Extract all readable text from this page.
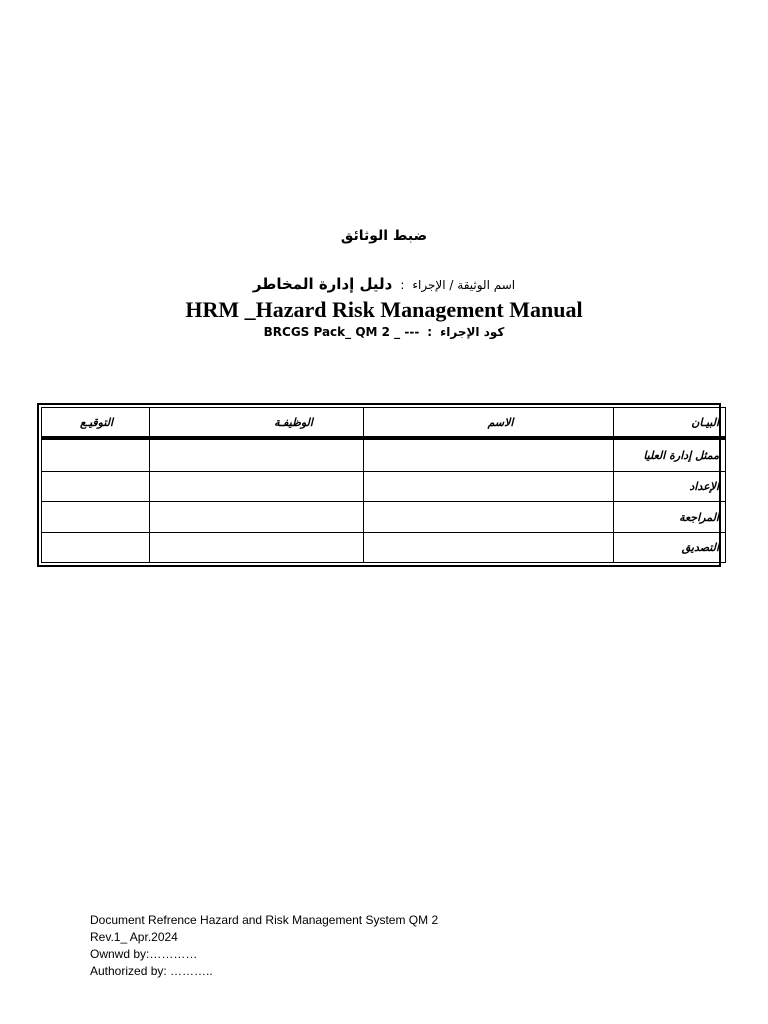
ضبط الوثائق
اسم الوثيقة / الإجراء:دليل إدارة المخاطر
HRM _Hazard Risk Management Manual
كود الإجراء:BRCGS Pack_ QM 2 _ ---
البيـان	الاسم	الوظيفـة	التوقيـع
ممثل إدارة العليا			
الإعداد			
المراجعة			
التصديق			
Document Refrence Hazard and Risk Management System QM 2
Rev.1_ Apr.2024
Ownwd by:…………
Authorized by: ………..
